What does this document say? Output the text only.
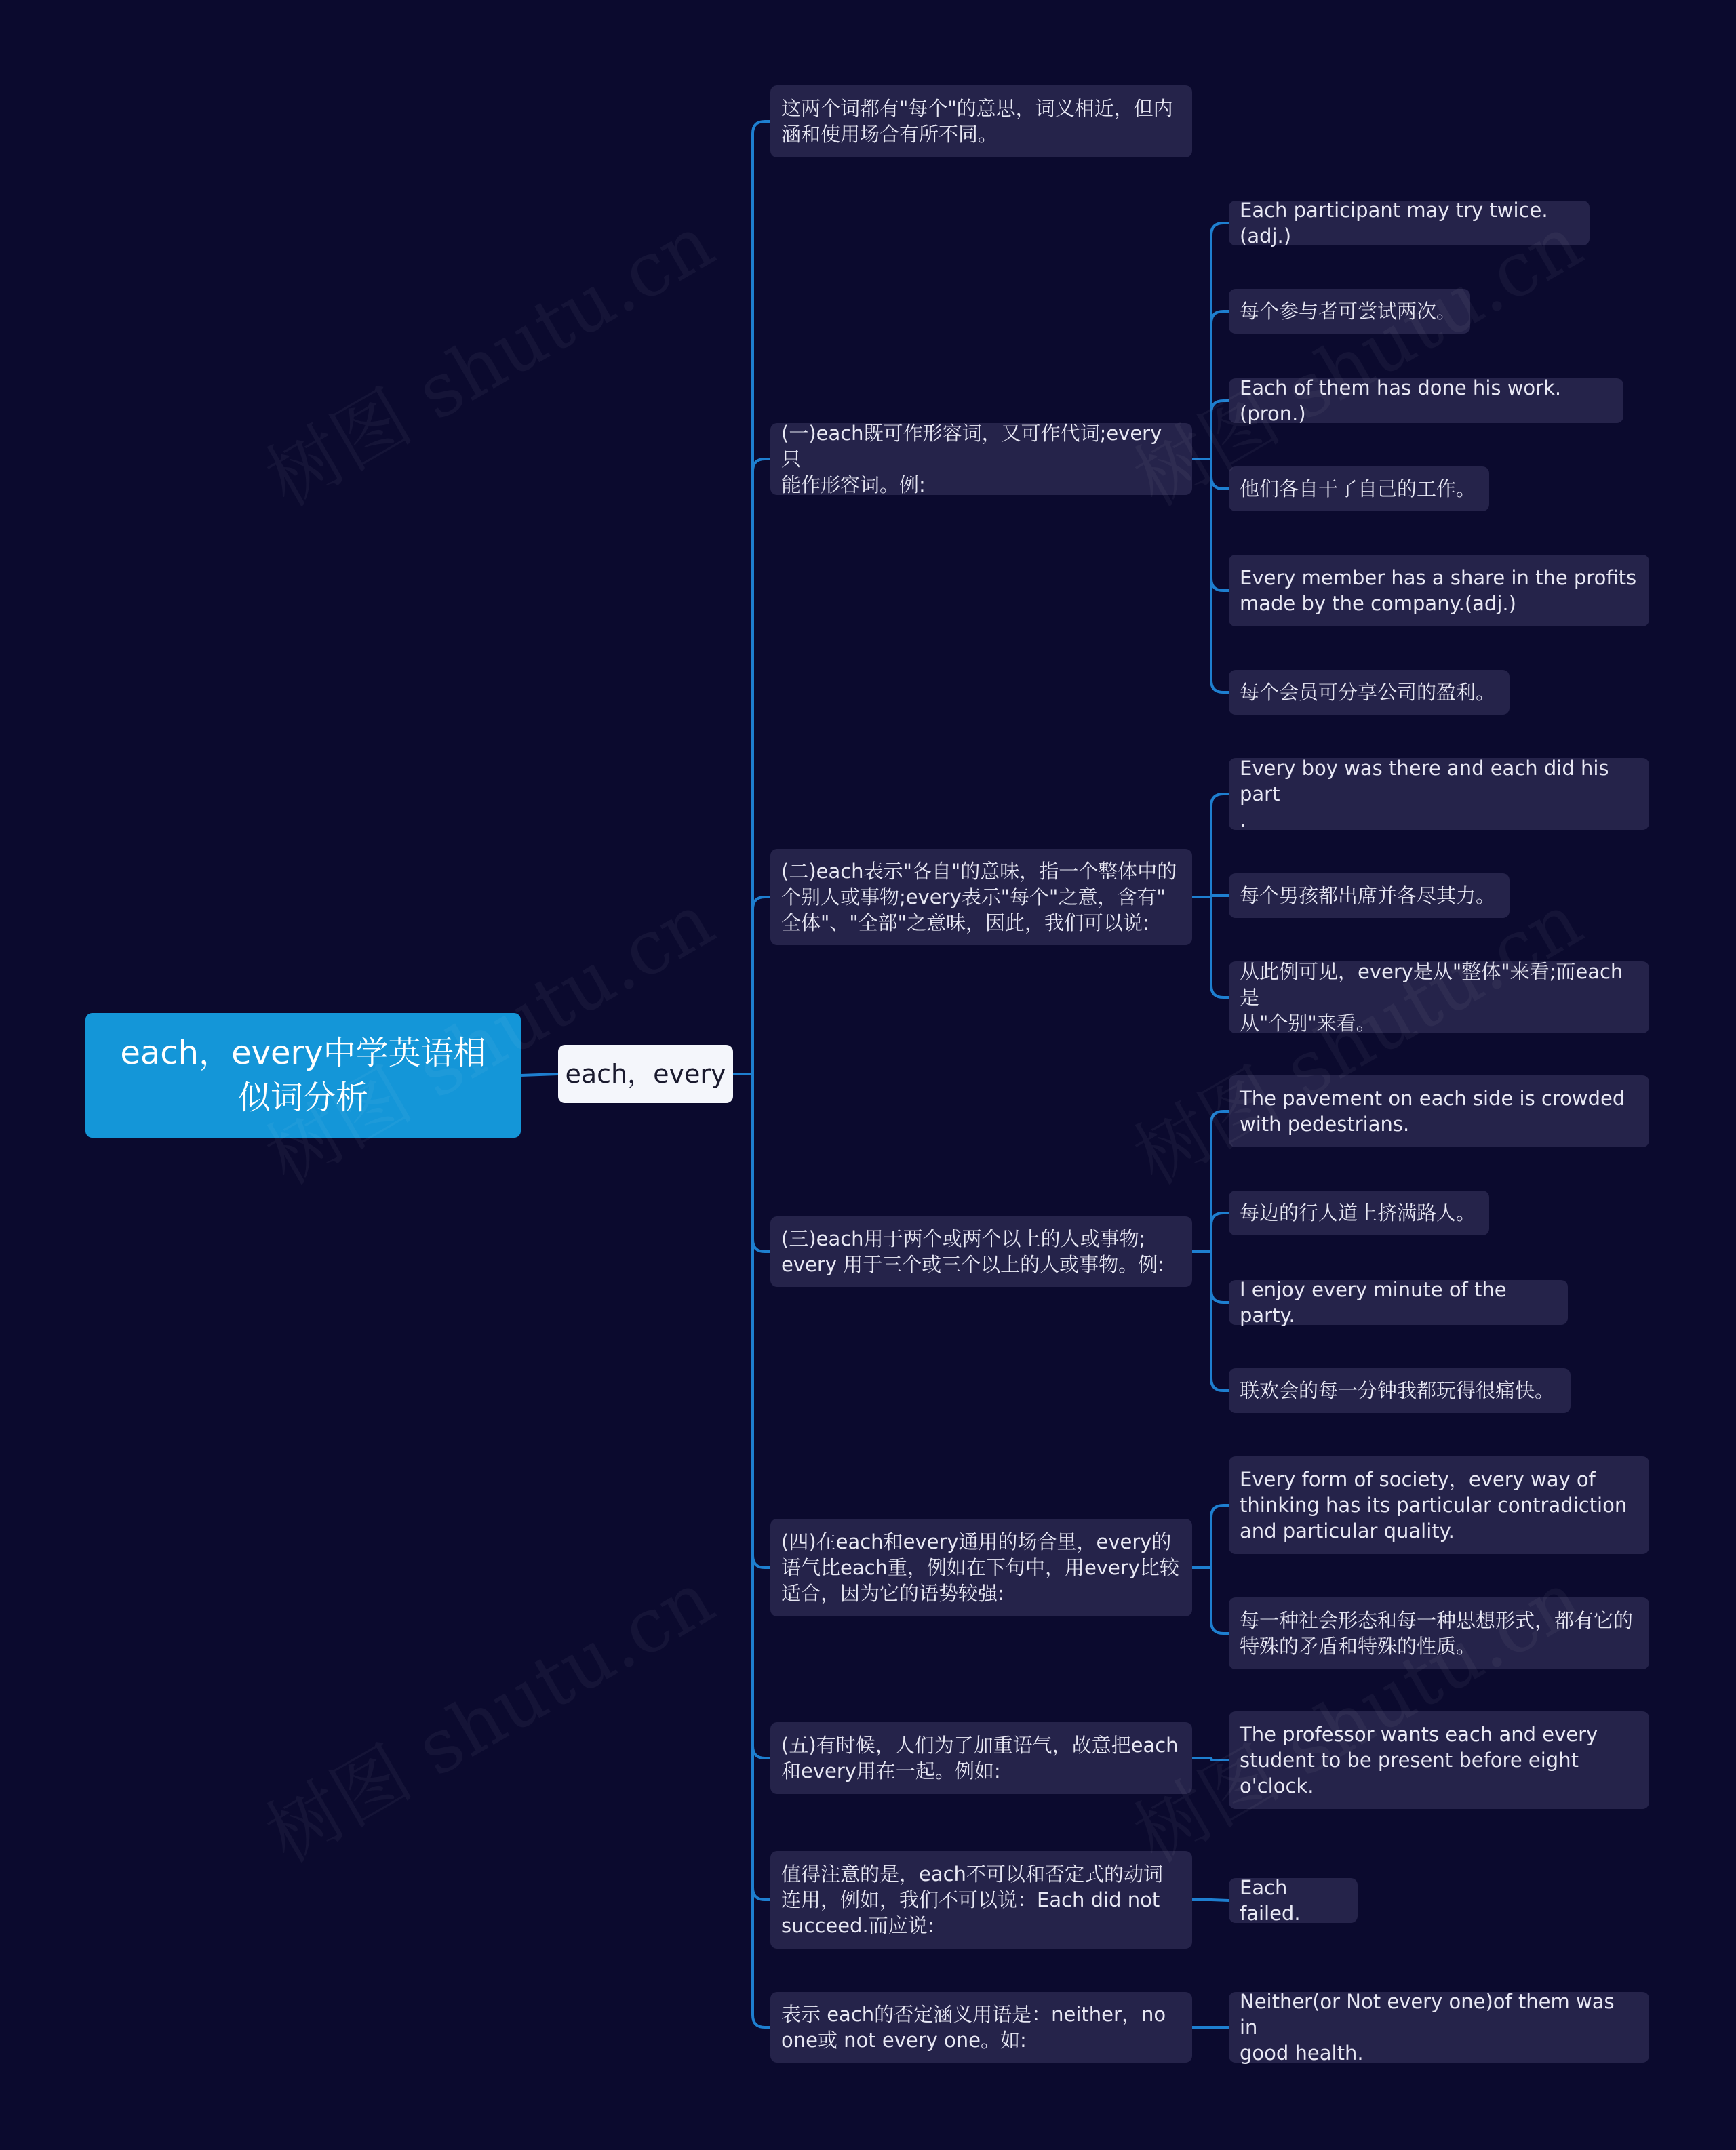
each，every中学英语相
似词分析
each，every
这两个词都有"每个"的意思，词义相近，但内
涵和使用场合有所不同。
(一)each既可作形容词，又可作代词;every只
能作形容词。例:
(二)each表示"各自"的意味，指一个整体中的
个别人或事物;every表示"每个"之意，含有"
全体"、"全部"之意味，因此，我们可以说:
(三)each用于两个或两个以上的人或事物;
every 用于三个或三个以上的人或事物。例:
(四)在each和every通用的场合里，every的
语气比each重，例如在下句中，用every比较
适合，因为它的语势较强:
(五)有时候，人们为了加重语气，故意把each
和every用在一起。例如:
值得注意的是，each不可以和否定式的动词
连用，例如，我们不可以说：Each did not
succeed.而应说:
表示 each的否定涵义用语是：neither，no
one或 not every one。如:
Each participant may try twice.(adj.)
每个参与者可尝试两次。
Each of them has done his work.(pron.)
他们各自干了自己的工作。
Every member has a share in the profits
made by the company.(adj.)
每个会员可分享公司的盈利。
Every boy was there and each did his part
.
每个男孩都出席并各尽其力。
从此例可见，every是从"整体"来看;而each是
从"个别"来看。
The pavement on each side is crowded
with pedestrians.
每边的行人道上挤满路人。
I enjoy every minute of the party.
联欢会的每一分钟我都玩得很痛快。
Every form of society，every way of
thinking has its particular contradiction
and particular quality.
每一种社会形态和每一种思想形式，都有它的
特殊的矛盾和特殊的性质。
The professor wants each and every
student to be present before eight
o'clock.
Each failed.
Neither(or Not every one)of them was in
good health.
